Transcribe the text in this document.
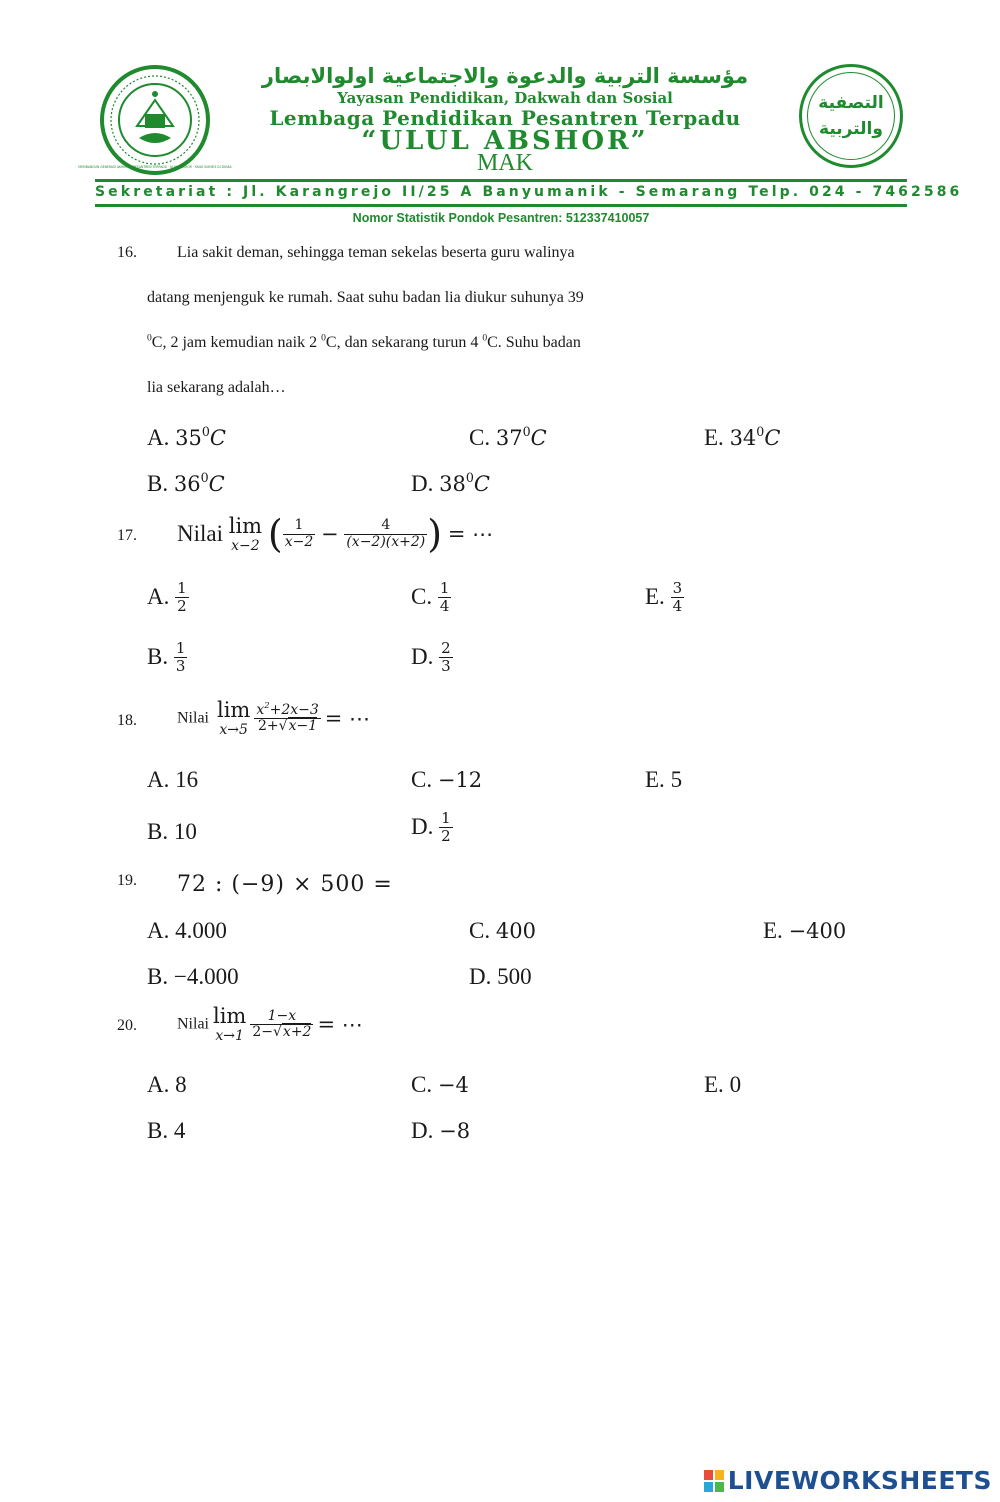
MEMBANGUN GENERASI AKHIRAT · PESANTREN TERPADU · ULUL ABSHOR · YANG SUKSES DI DUNIA
مؤسسة التربية والدعوة والاجتماعية اولوالابصار
Yayasan Pendidikan, Dakwah dan Sosial
Lembaga Pendidikan Pesantren Terpadu
“ULUL ABSHOR”
MAK
التصفية
والتربية
Sekretariat : Jl. Karangrejo II/25 A Banyumanik - Semarang Telp. 024 - 7462586
Nomor Statistik Pondok Pesantren: 512337410057
16.	Lia sakit deman, sehingga teman sekelas beserta guru walinya
datang menjenguk ke rumah. Saat suhu badan lia diukur suhunya 39
$^0$C, 2 jam kemudian naik 2 $^0$C, dan sekarang turun 4 $^0$C. Suhu badan
lia sekarang adalah…
A. $35^0C$	C. $37^0C$	E. $34^0C$
B. $36^0C$	D. $38^0C$
17. Nilai lim
x−2 ( $\frac{1}{x-2} - \frac{4}{(x-2)(x+2)}$ ) = ⋯
A. $\frac{1}{2}$	C. $\frac{1}{4}$	E. $\frac{3}{4}$
B. $\frac{1}{3}$	D. $\frac{2}{3}$
18.	Nilai lim
x→5
$\frac{x^2+2x-3}{2+√x-1}$ = ⋯
A. 16	C. −12	E. 5
B. 10	D. $\frac{1}{2}$
19. 72 : (−9) × 500 =
A. 4.000	C. 400	E. −400
B. −4.000	D. 500
20.	Nilai lim
x→1
$\frac{1-x}{2-√x+2}$ = ⋯
A. 8	C. −4	E. 0
B. 4	D. −8
LIVEWORKSHEETS
